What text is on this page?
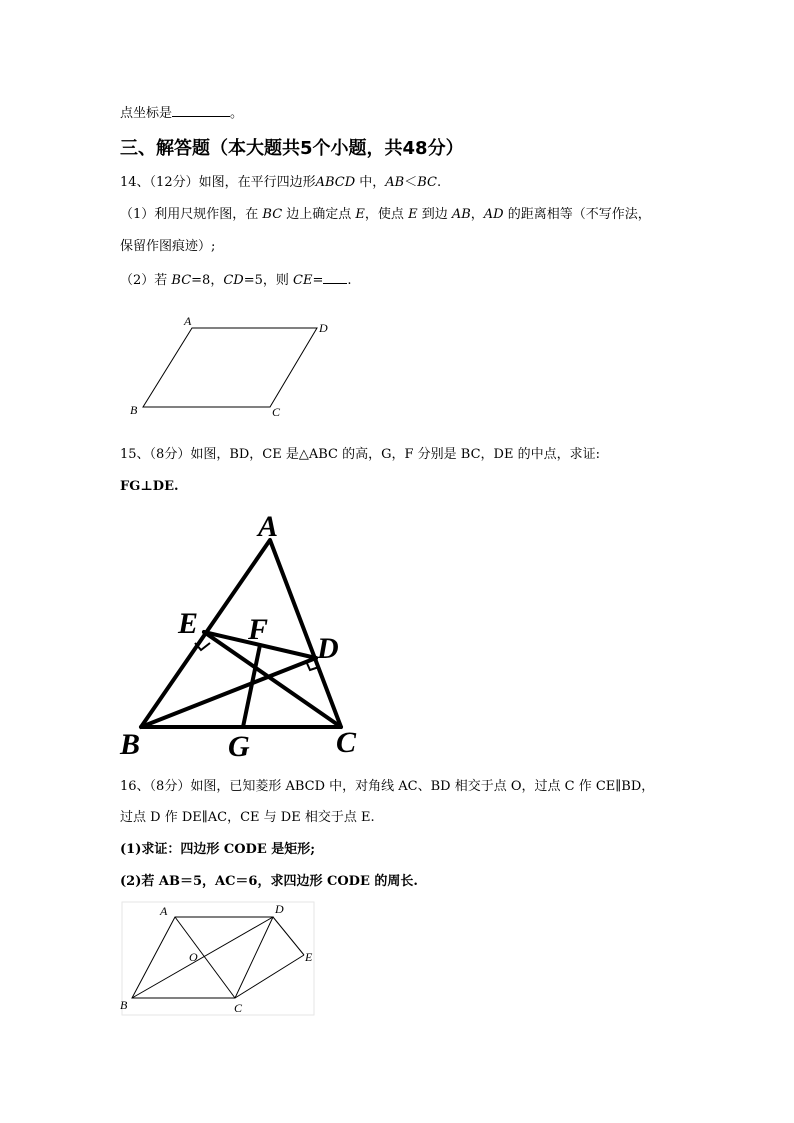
点坐标是	。
三、解答题（本大题共5个小题，共48分）
14、（12分）如图，在平行四边形ABCD 中，AB＜BC.
（1）利用尺规作图，在 BC 边上确定点 E，使点 E 到边 AB，AD 的距离相等（不写作法，
保留作图痕迹）;
（2）若 BC=8，CD=5，则 CE= .
A	D
B	C
15、（8分）如图，BD，CE 是△ABC 的高，G，F 分别是 BC，DE 的中点，求证:
FG⊥DE.
A
E F
D
B	G	C
16、（8分）如图，已知菱形 ABCD 中，对角线 AC、BD 相交于点 O，过点 C 作 CE∥BD，
过点 D 作 DE∥AC，CE 与 DE 相交于点 E.
(1)求证：四边形 CODE 是矩形;
(2)若 AB＝5，AC＝6，求四边形 CODE 的周长.
A	D
O	E
B	C
